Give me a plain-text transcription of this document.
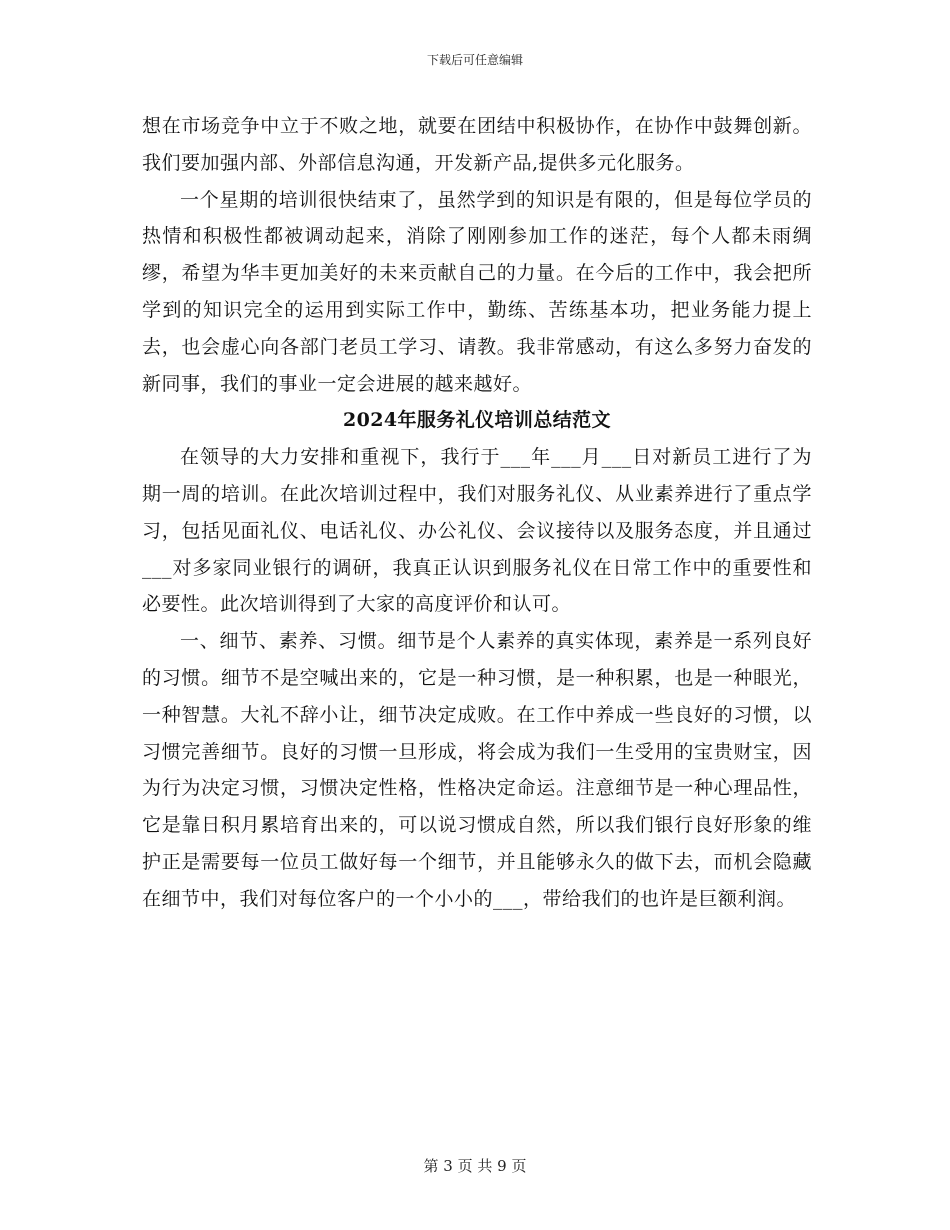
下载后可任意编辑

想在市场竞争中立于不败之地，就要在团结中积极协作，在协作中鼓舞创新。我们要加强内部、外部信息沟通，开发新产品,提供多元化服务。

一个星期的培训很快结束了，虽然学到的知识是有限的，但是每位学员的热情和积极性都被调动起来，消除了刚刚参加工作的迷茫，每个人都未雨绸缪，希望为华丰更加美好的未来贡献自己的力量。在今后的工作中，我会把所学到的知识完全的运用到实际工作中，勤练、苦练基本功，把业务能力提上去，也会虚心向各部门老员工学习、请教。我非常感动，有这么多努力奋发的新同事，我们的事业一定会进展的越来越好。

2024年服务礼仪培训总结范文

在领导的大力安排和重视下，我行于___年___月___日对新员工进行了为期一周的培训。在此次培训过程中，我们对服务礼仪、从业素养进行了重点学习，包括见面礼仪、电话礼仪、办公礼仪、会议接待以及服务态度，并且通过___对多家同业银行的调研，我真正认识到服务礼仪在日常工作中的重要性和必要性。此次培训得到了大家的高度评价和认可。

一、细节、素养、习惯。细节是个人素养的真实体现，素养是一系列良好的习惯。细节不是空喊出来的，它是一种习惯，是一种积累，也是一种眼光，一种智慧。大礼不辞小让，细节决定成败。在工作中养成一些良好的习惯，以习惯完善细节。良好的习惯一旦形成，将会成为我们一生受用的宝贵财宝，因为行为决定习惯，习惯决定性格，性格决定命运。注意细节是一种心理品性，它是靠日积月累培育出来的，可以说习惯成自然，所以我们银行良好形象的维护正是需要每一位员工做好每一个细节，并且能够永久的做下去，而机会隐藏在细节中，我们对每位客户的一个小小的___，带给我们的也许是巨额利润。

第 3 页 共 9 页
